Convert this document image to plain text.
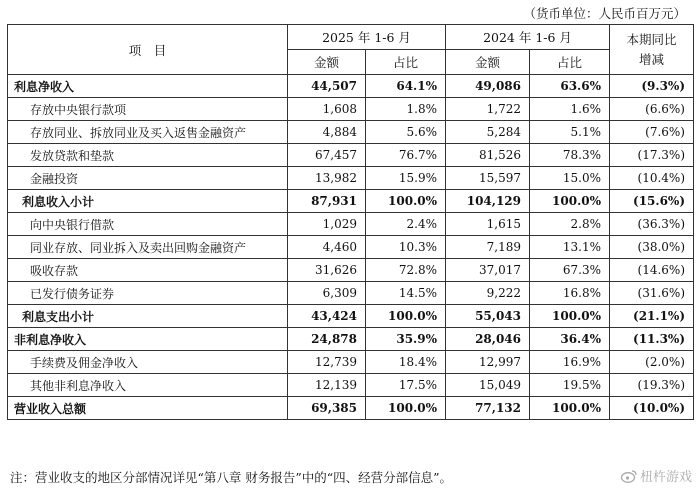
（货币单位：人民币百万元）
项　目	2025 年 1-6 月		2024 年 1-6 月		本期同比
增减
	金额	占比	金额	占比	
利息净收入	44,507	64.1%	49,086	63.6%	(9.3%)
存放中央银行款项	1,608	1.8%	1,722	1.6%	(6.6%)
存放同业、拆放同业及买入返售金融资产	4,884	5.6%	5,284	5.1%	(7.6%)
发放贷款和垫款	67,457	76.7%	81,526	78.3%	(17.3%)
金融投资	13,982	15.9%	15,597	15.0%	(10.4%)
利息收入小计	87,931	100.0%	104,129	100.0%	(15.6%)
向中央银行借款	1,029	2.4%	1,615	2.8%	(36.3%)
同业存放、同业拆入及卖出回购金融资产	4,460	10.3%	7,189	13.1%	(38.0%)
吸收存款	31,626	72.8%	37,017	67.3%	(14.6%)
已发行债务证券	6,309	14.5%	9,222	16.8%	(31.6%)
利息支出小计	43,424	100.0%	55,043	100.0%	(21.1%)
非利息净收入	24,878	35.9%	28,046	36.4%	(11.3%)
手续费及佣金净收入	12,739	18.4%	12,997	16.9%	(2.0%)
其他非利息净收入	12,139	17.5%	15,049	19.5%	(19.3%)
营业收入总额	69,385	100.0%	77,132	100.0%	(10.0%)
注：营业收支的地区分部情况详见“第八章 财务报告”中的“四、经营分部信息”。	杻杵游戏
